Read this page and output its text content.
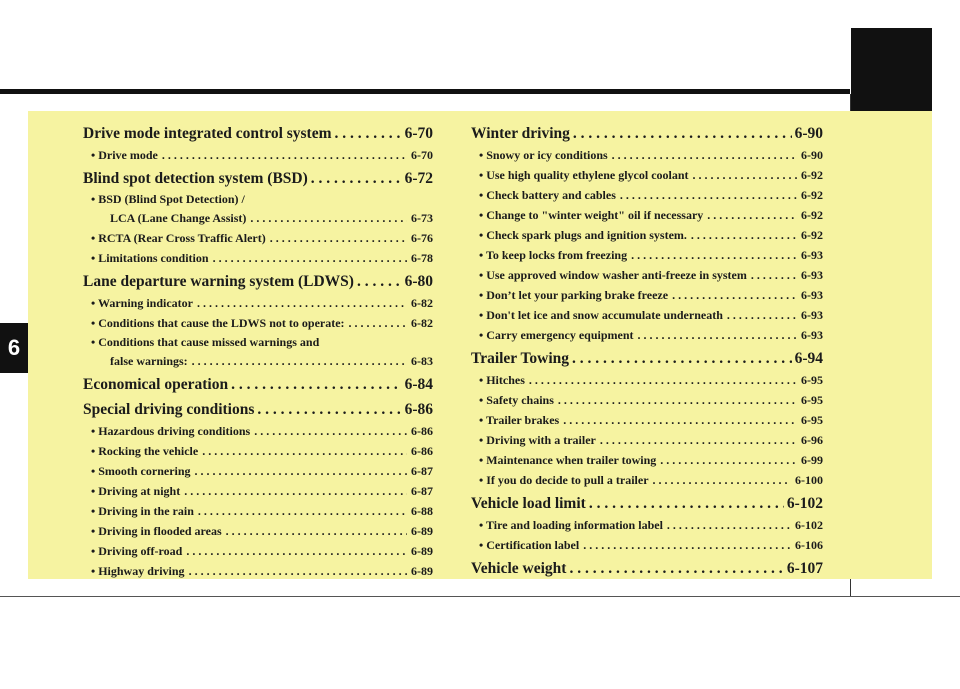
6
Drive mode integrated control system . . .	6-70
• Drive mode . . .	6-70
Blind spot detection system (BSD) . . .	6-72
• BSD (Blind Spot Detection) /
LCA (Lane Change Assist) . . .	6-73
• RCTA (Rear Cross Traffic Alert) . . .	6-76
• Limitations condition . . .	6-78
Lane departure warning system (LDWS) . . .	6-80
• Warning indicator . . .	6-82
• Conditions that cause the LDWS not to operate: . . .	6-82
• Conditions that cause missed warnings and
false warnings: . . .	6-83
Economical operation . . .	6-84
Special driving conditions . . .	6-86
• Hazardous driving conditions . . .	6-86
• Rocking the vehicle . . .	6-86
• Smooth cornering . . .	6-87
• Driving at night . . .	6-87
• Driving in the rain . . .	6-88
• Driving in flooded areas . . .	6-89
• Driving off-road . . .	6-89
• Highway driving . . .	6-89
Winter driving . . .	6-90
• Snowy or icy conditions . . .	6-90
• Use high quality ethylene glycol coolant . . .	6-92
• Check battery and cables . . .	6-92
• Change to "winter weight" oil if necessary . . .	6-92
• Check spark plugs and ignition system. . . .	6-92
• To keep locks from freezing . . .	6-93
• Use approved window washer anti-freeze in system . . .	6-93
• Don’t let your parking brake freeze . . .	6-93
• Don't let ice and snow accumulate underneath . . .	6-93
• Carry emergency equipment . . .	6-93
Trailer Towing . . .	6-94
• Hitches . . .	6-95
• Safety chains . . .	6-95
• Trailer brakes . . .	6-95
• Driving with a trailer . . .	6-96
• Maintenance when trailer towing . . .	6-99
• If you do decide to pull a trailer . . .	6-100
Vehicle load limit . . .	6-102
• Tire and loading information label . . .	6-102
• Certification label . . .	6-106
Vehicle weight . . .	6-107
